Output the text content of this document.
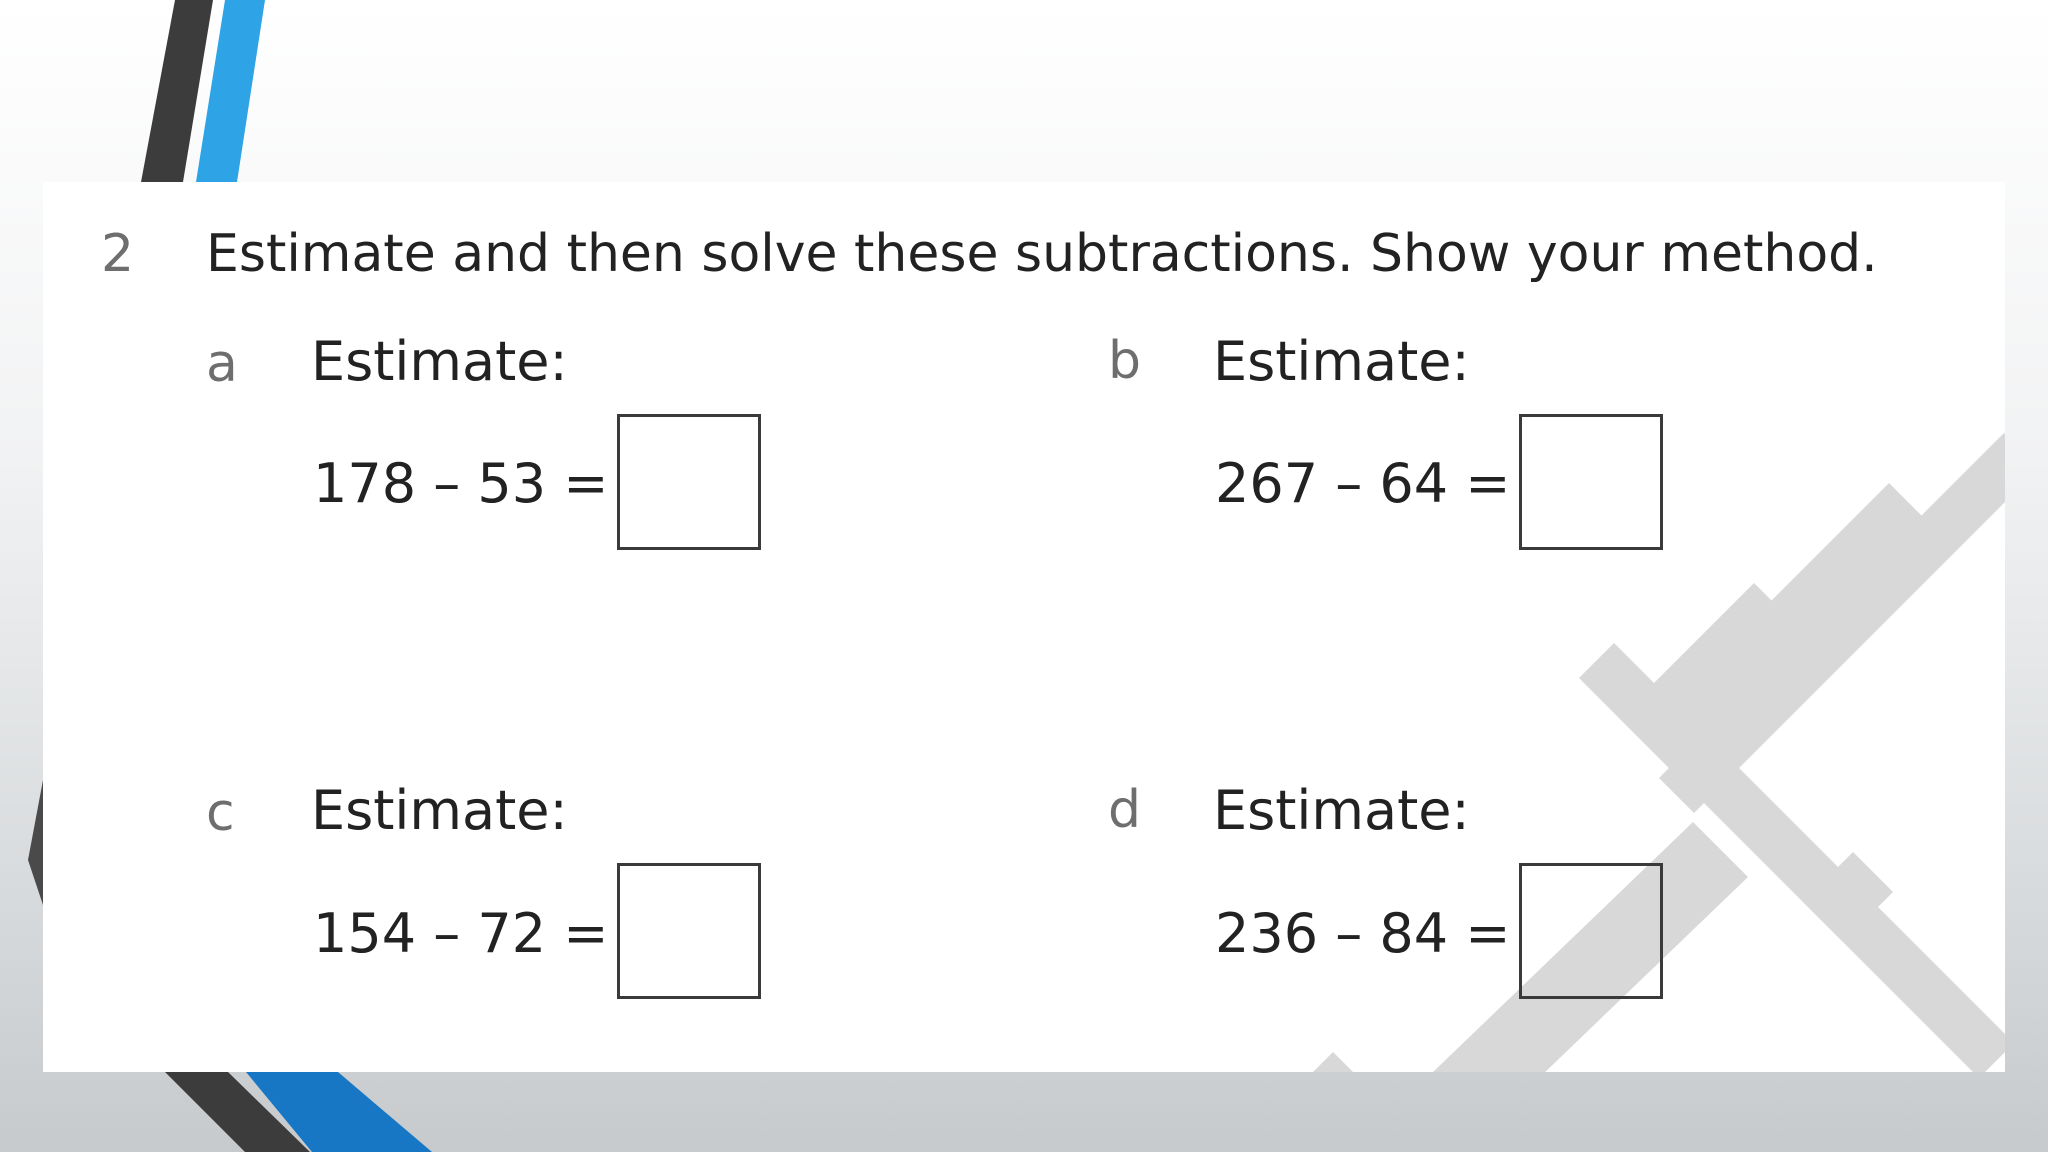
2 Estimate and then solve these subtractions. Show your method.
a Estimate:
178 – 53 =
b Estimate:
267 – 64 =
c Estimate:
154 – 72 =
d Estimate:
236 – 84 =
